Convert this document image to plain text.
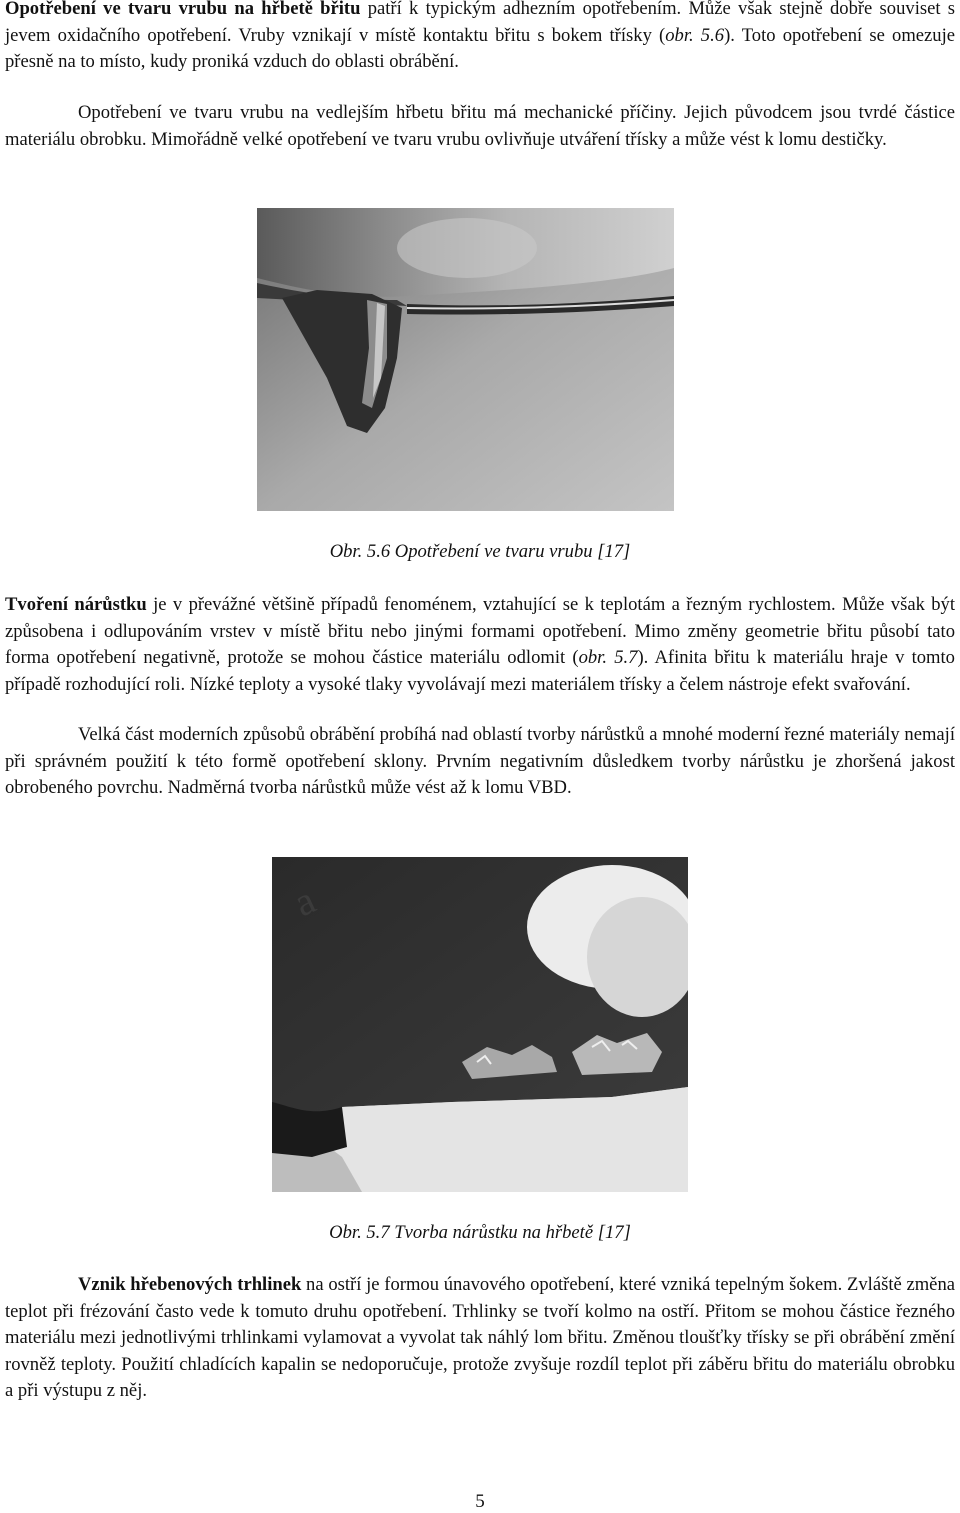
Opotřebení ve tvaru vrubu na hřbetě břitu patří k typickým adhezním opotřebením. Může však stejně dobře souviset s jevem oxidačního opotřebení. Vruby vznikají v místě kontaktu břitu s bokem třísky (obr. 5.6). Toto opotřebení se omezuje přesně na to místo, kudy proniká vzduch do oblasti obrábění.

Opotřebení ve tvaru vrubu na vedlejším hřbetu břitu má mechanické příčiny. Jejich původcem jsou tvrdé částice materiálu obrobku. Mimořádně velké opotřebení ve tvaru vrubu ovlivňuje utváření třísky a může vést k lomu destičky.

Obr. 5.6 Opotřebení ve tvaru vrubu [17]

Tvoření nárůstku je v převážné většině případů fenoménem, vztahující se k teplotám a řezným rychlostem. Může však být způsobena i odlupováním vrstev v místě břitu nebo jinými formami opotřebení. Mimo změny geometrie břitu působí tato forma opotřebení negativně, protože se mohou částice materiálu odlomit (obr. 5.7). Afinita břitu k materiálu hraje v tomto případě rozhodující roli. Nízké teploty a vysoké tlaky vyvolávají mezi materiálem třísky a čelem nástroje efekt svařování.

Velká část moderních způsobů obrábění probíhá nad oblastí tvorby nárůstků a mnohé moderní řezné materiály nemají při správném použití k této formě opotřebení sklony. Prvním negativním důsledkem tvorby nárůstku je zhoršená jakost obrobeného povrchu. Nadměrná tvorba nárůstků může vést až k lomu VBD.

a
Obr. 5.7 Tvorba nárůstku na hřbetě [17]

Vznik hřebenových trhlinek na ostří je formou únavového opotřebení, které vzniká tepelným šokem. Zvláště změna teplot při frézování často vede k tomuto druhu opotřebení. Trhlinky se tvoří kolmo na ostří. Přitom se mohou částice řezného materiálu mezi jednotlivými trhlinkami vylamovat a vyvolat tak náhlý lom břitu. Změnou tloušťky třísky se při obrábění změní rovněž teploty. Použití chladících kapalin se nedoporučuje, protože zvyšuje rozdíl teplot při záběru břitu do materiálu obrobku a při výstupu z něj.

5
